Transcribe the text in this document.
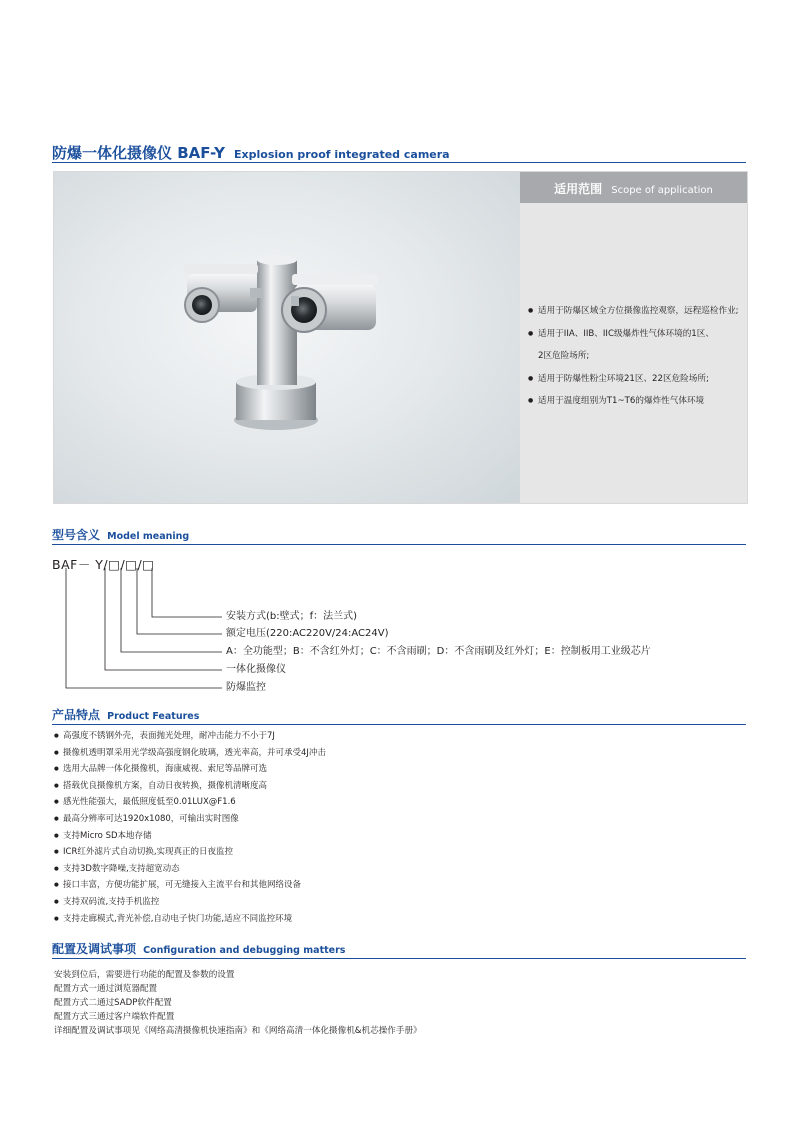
防爆一体化摄像仪 BAF-Y Explosion proof integrated camera
适用范围 Scope of application
● 适用于防爆区域全方位摄像监控观察，远程巡检作业;
● 适用于IIA、IIB、IIC级爆炸性气体环境的1区、
2区危险场所;
● 适用于防爆性粉尘环境21区、22区危险场所;
● 适用于温度组别为T1~T6的爆炸性气体环境
型号含义 Model meaning
BAF－ Y/□/□/□
安装方式(b:壁式；f：法兰式)
额定电压(220:AC220V/24:AC24V)
A：全功能型；B：不含红外灯；C：不含雨刷；D：不含雨刷及红外灯；E：控制板用工业级芯片
一体化摄像仪
防爆监控
产品特点 Product Features
● 高强度不锈钢外壳，表面抛光处理，耐冲击能力不小于7J
● 摄像机透明罩采用光学级高强度钢化玻璃，透光率高，并可承受4J冲击
● 选用大品牌一体化摄像机，海康威视、索尼等品牌可选
● 搭载优良摄像机方案，自动日夜转换，摄像机清晰度高
● 感光性能强大，最低照度低至0.01LUX@F1.6
● 最高分辨率可达1920x1080，可输出实时图像
● 支持Micro SD本地存储
● ICR红外滤片式自动切换,实现真正的日夜监控
● 支持3D数字降噪,支持超宽动态
● 接口丰富，方便功能扩展，可无缝接入主流平台和其他网络设备
● 支持双码流,支持手机监控
● 支持走廊模式,背光补偿,自动电子快门功能,适应不同监控环境
配置及调试事项 Configuration and debugging matters
安装到位后，需要进行功能的配置及参数的设置
配置方式一通过浏览器配置
配置方式二通过SADP软件配置
配置方式三通过客户端软件配置
详细配置及调试事项见《网络高清摄像机快速指南》和《网络高清一体化摄像机&机芯操作手册》
